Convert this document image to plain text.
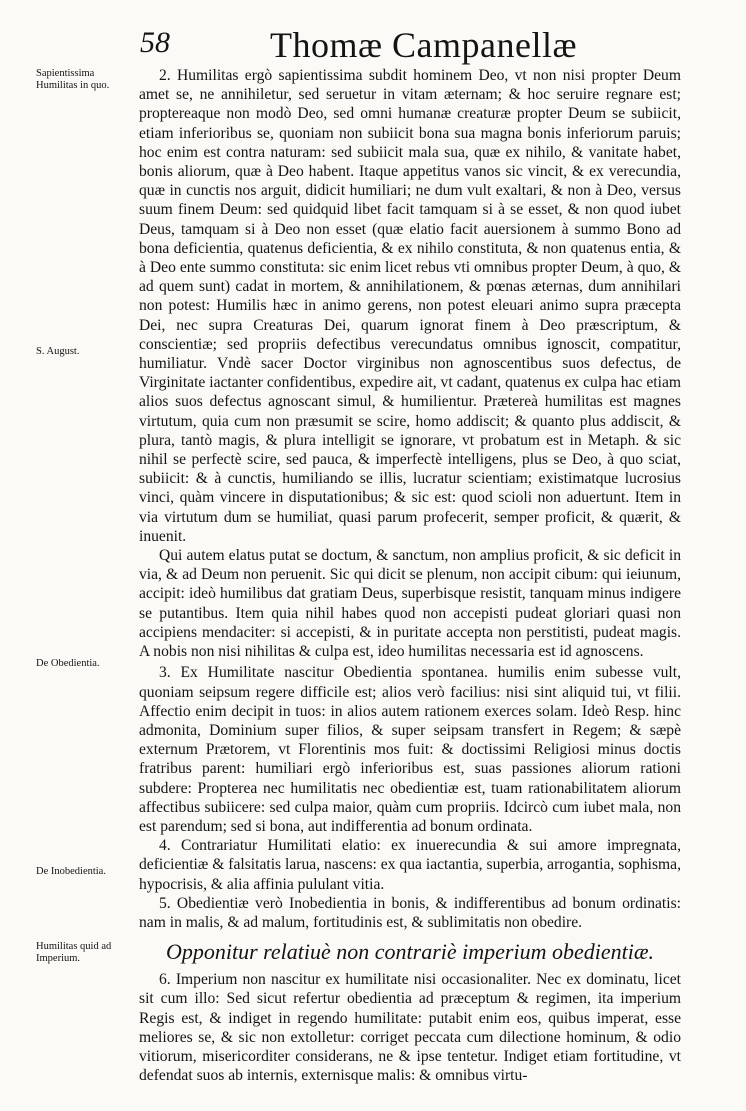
58	Thomæ Campanellæ
Sapientissima Humilitas in quo.
S. August.
De Obedientia.
De Inobedientia.
Humilitas quid ad Imperium.

2. Humilitas ergò sapientissima subdit hominem Deo, vt non nisi propter Deum amet se, ne annihiletur, sed seruetur in vitam æternam; & hoc seruire regnare est; proptereaque non modò Deo, sed omni humanæ creaturæ propter Deum se subiicit, etiam inferioribus se, quoniam non subiicit bona sua magna bonis inferiorum paruis; hoc enim est contra naturam: sed subiicit mala sua, quæ ex nihilo, & vanitate habet, bonis aliorum, quæ à Deo habent. Itaque appetitus vanos sic vincit, & ex verecundia, quæ in cunctis nos arguit, didicit humiliari; ne dum vult exaltari, & non à Deo, versus suum finem Deum: sed quidquid libet facit tamquam si à se esset, & non quod iubet Deus, tamquam si à Deo non esset (quæ elatio facit auersionem à summo Bono ad bona deficientia, quatenus deficientia, & ex nihilo constituta, & non quatenus entia, & à Deo ente summo constituta: sic enim licet rebus vti omnibus propter Deum, à quo, & ad quem sunt) cadat in mortem, & annihilationem, & pœnas æternas, dum annihilari non potest: Humilis hæc in animo gerens, non potest eleuari animo supra præcepta Dei, nec supra Creaturas Dei, quarum ignorat finem à Deo præscriptum, & conscientiæ; sed propriis defectibus verecundatus omnibus ignoscit, compatitur, humiliatur. Vndè sacer Doctor virginibus non agnoscentibus suos defectus, de Virginitate iactanter confidentibus, expedire ait, vt cadant, quatenus ex culpa hac etiam alios suos defectus agnoscant simul, & humilientur. Prætereà humilitas est magnes virtutum, quia cum non præsumit se scire, homo addiscit; & quanto plus addiscit, & plura, tantò magis, & plura intelligit se ignorare, vt probatum est in Metaph. & sic nihil se perfectè scire, sed pauca, & imperfectè intelligens, plus se Deo, à quo sciat, subiicit: & à cunctis, humiliando se illis, lucratur scientiam; existimatque lucrosius vinci, quàm vincere in disputationibus; & sic est: quod scioli non aduertunt. Item in via virtutum dum se humiliat, quasi parum profecerit, semper proficit, & quærit, & inuenit.

Qui autem elatus putat se doctum, & sanctum, non amplius proficit, & sic deficit in via, & ad Deum non peruenit. Sic qui dicit se plenum, non accipit cibum: qui ieiunum, accipit: ideò humilibus dat gratiam Deus, superbisque resistit, tanquam minus indigere se putantibus. Item quia nihil habes quod non accepisti pudeat gloriari quasi non accipiens mendaciter: si accepisti, & in puritate accepta non perstitisti, pudeat magis. A nobis non nisi nihilitas & culpa est, ideo humilitas necessaria est id agnoscens.

3. Ex Humilitate nascitur Obedientia spontanea. humilis enim subesse vult, quoniam seipsum regere difficile est; alios verò facilius: nisi sint aliquid tui, vt filii. Affectio enim decipit in tuos: in alios autem rationem exerces solam. Ideò Resp. hinc admonita, Dominium super filios, & super seipsam transfert in Regem; & sæpè externum Prætorem, vt Florentinis mos fuit: & doctissimi Religiosi minus doctis fratribus parent: humiliari ergò inferioribus est, suas passiones aliorum rationi subdere: Propterea nec humilitatis nec obedientiæ est, tuam rationabilitatem aliorum affectibus subiicere: sed culpa maior, quàm cum propriis. Idcircò cum iubet mala, non est parendum; sed si bona, aut indifferentia ad bonum ordinata.

4. Contrariatur Humilitati elatio: ex inuerecundia & sui amore impregnata, deficientiæ & falsitatis larua, nascens: ex qua iactantia, superbia, arrogantia, sophisma, hypocrisis, & alia affinia pululant vitia.

5. Obedientiæ verò Inobedientia in bonis, & indifferentibus ad bonum ordinatis: nam in malis, & ad malum, fortitudinis est, & sublimitatis non obedire.

Opponitur relatiuè non contrariè imperium obedientiæ.

6. Imperium non nascitur ex humilitate nisi occasionaliter. Nec ex dominatu, licet sit cum illo: Sed sicut refertur obedientia ad præceptum & regimen, ita imperium Regis est, & indiget in regendo humilitate: putabit enim eos, quibus imperat, esse meliores se, & sic non extolletur: corriget peccata cum dilectione hominum, & odio vitiorum, misericorditer considerans, ne & ipse tentetur. Indiget etiam fortitudine, vt defendat suos ab internis, externisque malis: & omnibus virtu-
